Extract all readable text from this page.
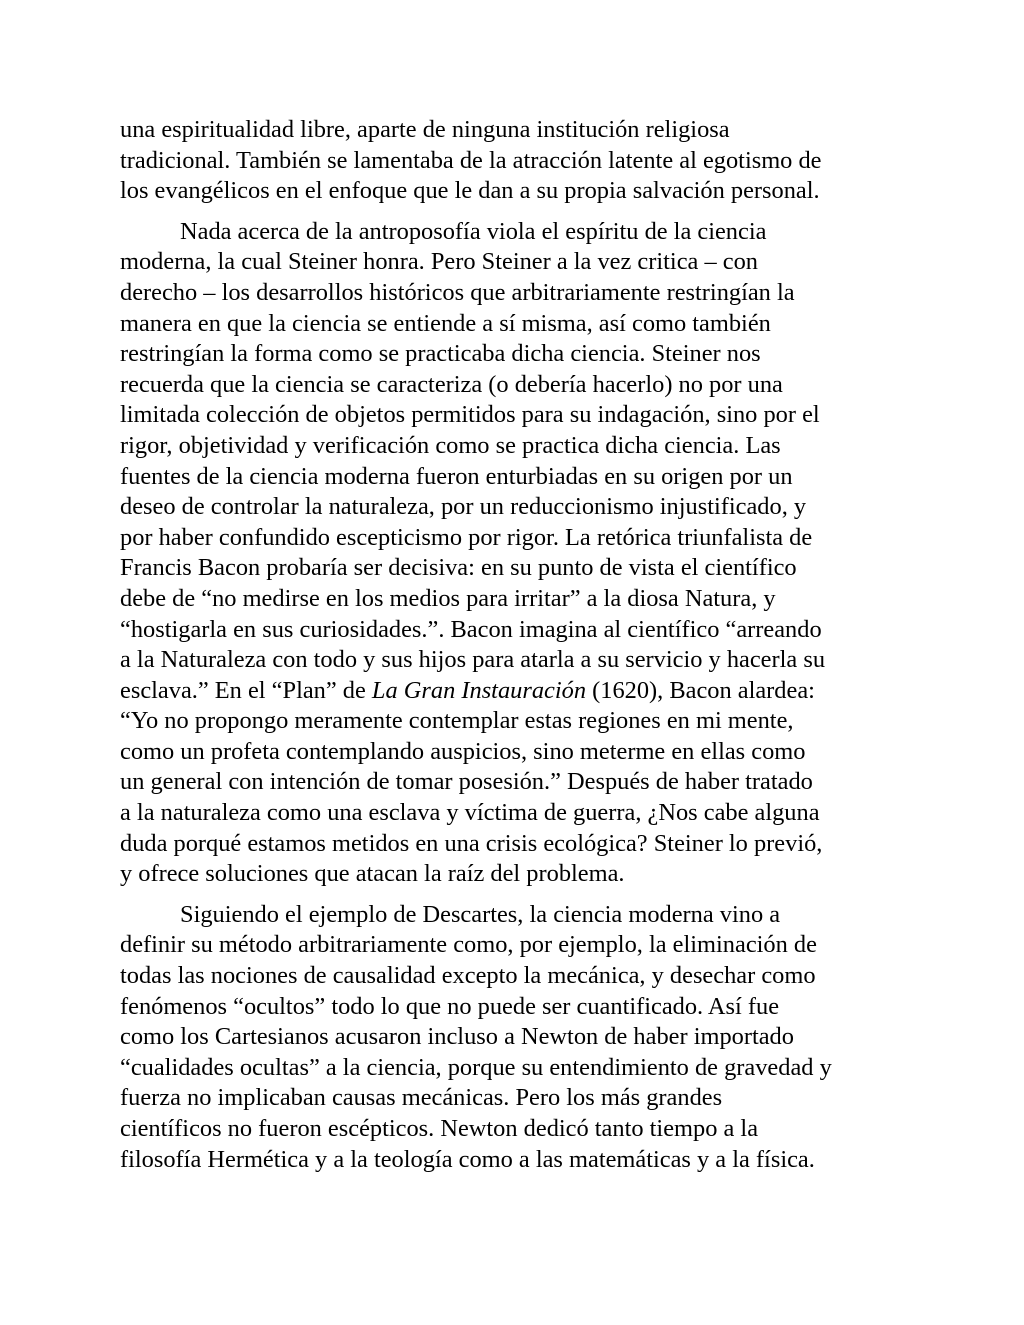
una espiritualidad libre, aparte de ninguna institución religiosa
tradicional. También se lamentaba de la atracción latente al egotismo de
los evangélicos en el enfoque que le dan a su propia salvación personal.
Nada acerca de la antroposofía viola el espíritu de la ciencia
moderna, la cual Steiner honra. Pero Steiner a la vez critica – con
derecho – los desarrollos históricos que arbitrariamente restringían la
manera en que la ciencia se entiende a sí misma, así como también
restringían la forma como se practicaba dicha ciencia. Steiner nos
recuerda que la ciencia se caracteriza (o debería hacerlo) no por una
limitada colección de objetos permitidos para su indagación, sino por el
rigor, objetividad y verificación como se practica dicha ciencia. Las
fuentes de la ciencia moderna fueron enturbiadas en su origen por un
deseo de controlar la naturaleza, por un reduccionismo injustificado, y
por haber confundido escepticismo por rigor. La retórica triunfalista de
Francis Bacon probaría ser decisiva: en su punto de vista el científico
debe de “no medirse en los medios para irritar” a la diosa Natura, y
“hostigarla en sus curiosidades.”. Bacon imagina al científico “arreando
a la Naturaleza con todo y sus hijos para atarla a su servicio y hacerla su
esclava.” En el “Plan” de La Gran Instauración (1620), Bacon alardea:
“Yo no propongo meramente contemplar estas regiones en mi mente,
como un profeta contemplando auspicios, sino meterme en ellas como
un general con intención de tomar posesión.” Después de haber tratado
a la naturaleza como una esclava y víctima de guerra, ¿Nos cabe alguna
duda porqué estamos metidos en una crisis ecológica? Steiner lo previó,
y ofrece soluciones que atacan la raíz del problema.
Siguiendo el ejemplo de Descartes, la ciencia moderna vino a
definir su método arbitrariamente como, por ejemplo, la eliminación de
todas las nociones de causalidad excepto la mecánica, y desechar como
fenómenos “ocultos” todo lo que no puede ser cuantificado. Así fue
como los Cartesianos acusaron incluso a Newton de haber importado
“cualidades ocultas” a la ciencia, porque su entendimiento de gravedad y
fuerza no implicaban causas mecánicas. Pero los más grandes
científicos no fueron escépticos. Newton dedicó tanto tiempo a la
filosofía Hermética y a la teología como a las matemáticas y a la física.
